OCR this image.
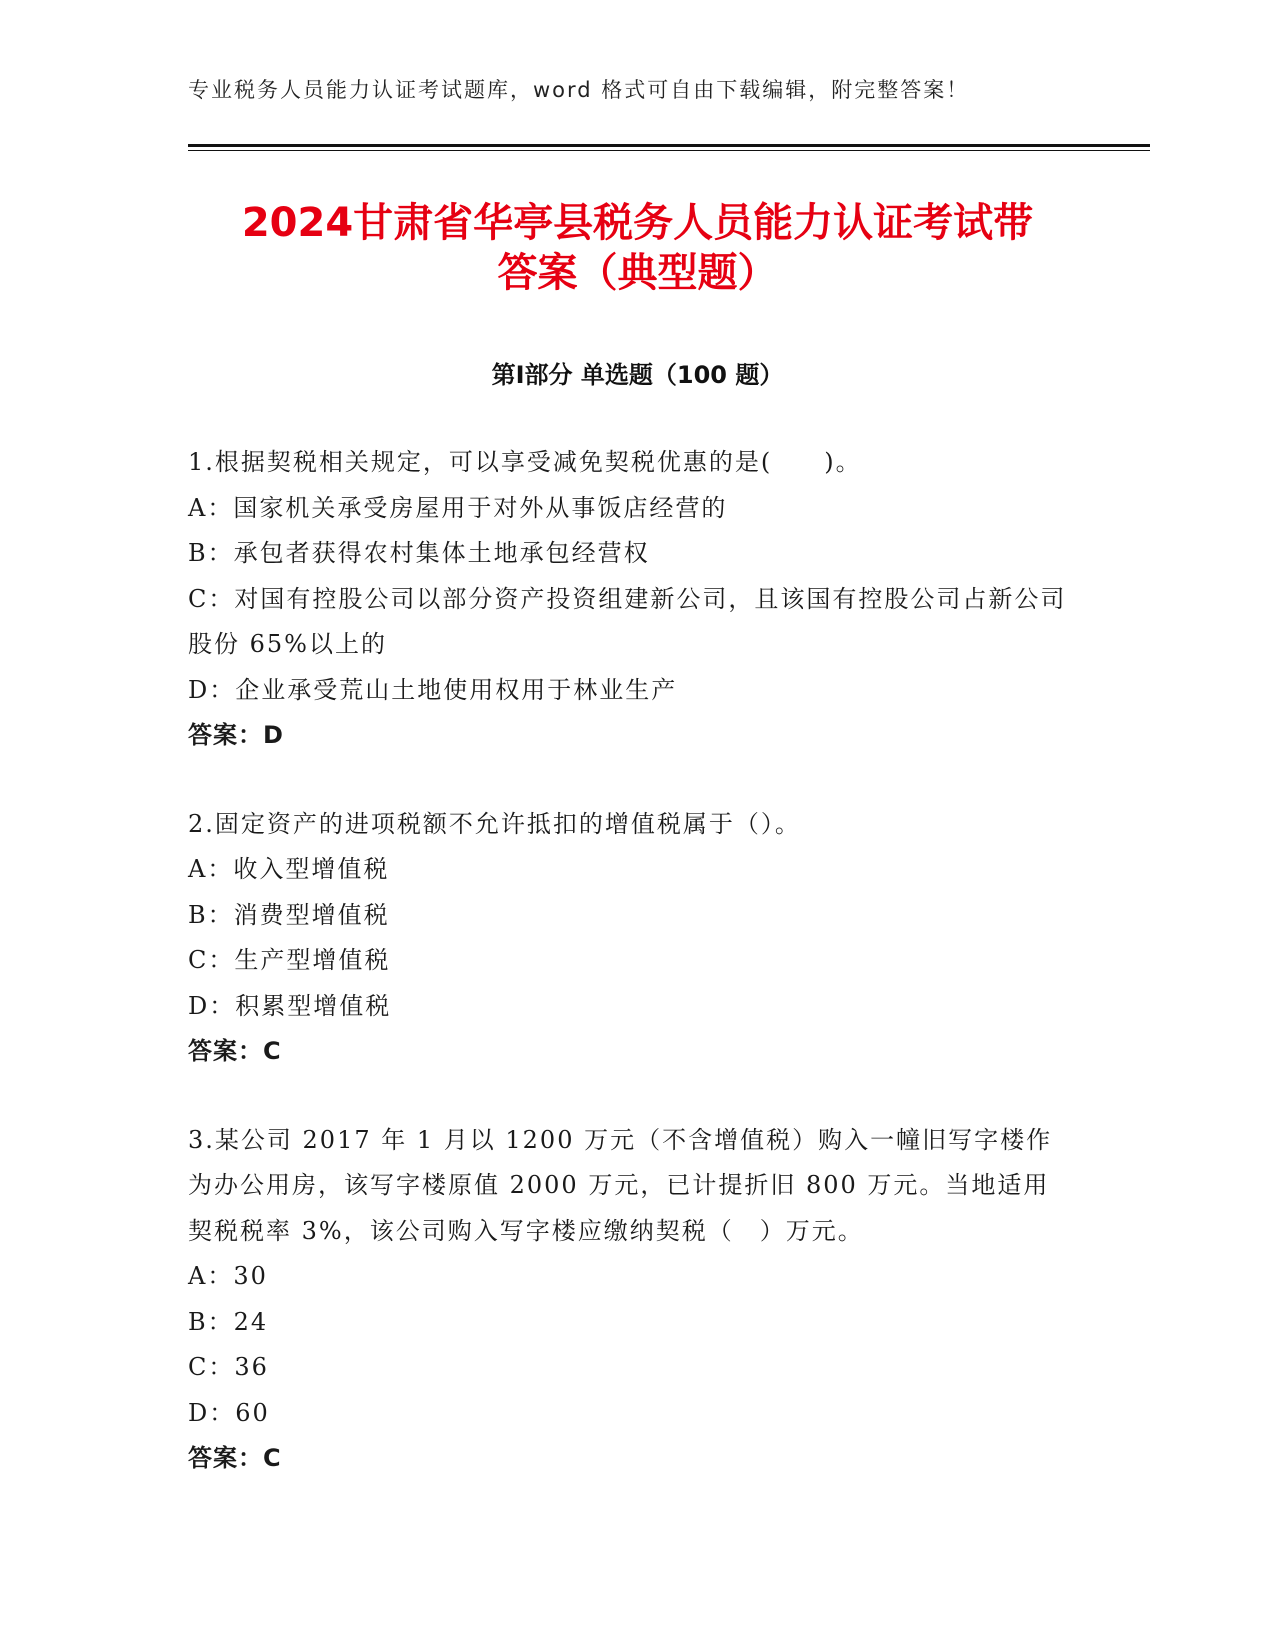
专业税务人员能力认证考试题库，word 格式可自由下载编辑，附完整答案！
2024甘肃省华亭县税务人员能力认证考试带
答案（典型题）
第Ⅰ部分 单选题（100 题）
1.根据契税相关规定，可以享受减免契税优惠的是(　　)。
A：国家机关承受房屋用于对外从事饭店经营的
B：承包者获得农村集体土地承包经营权
C：对国有控股公司以部分资产投资组建新公司，且该国有控股公司占新公司股份 65%以上的
D：企业承受荒山土地使用权用于林业生产
答案：D
2.固定资产的进项税额不允许抵扣的增值税属于（）。
A：收入型增值税
B：消费型增值税
C：生产型增值税
D：积累型增值税
答案：C
3.某公司 2017 年 1 月以 1200 万元（不含增值税）购入一幢旧写字楼作为办公用房，该写字楼原值 2000 万元，已计提折旧 800 万元。当地适用契税税率 3%，该公司购入写字楼应缴纳契税（　）万元。
A：30
B：24
C：36
D：60
答案：C
